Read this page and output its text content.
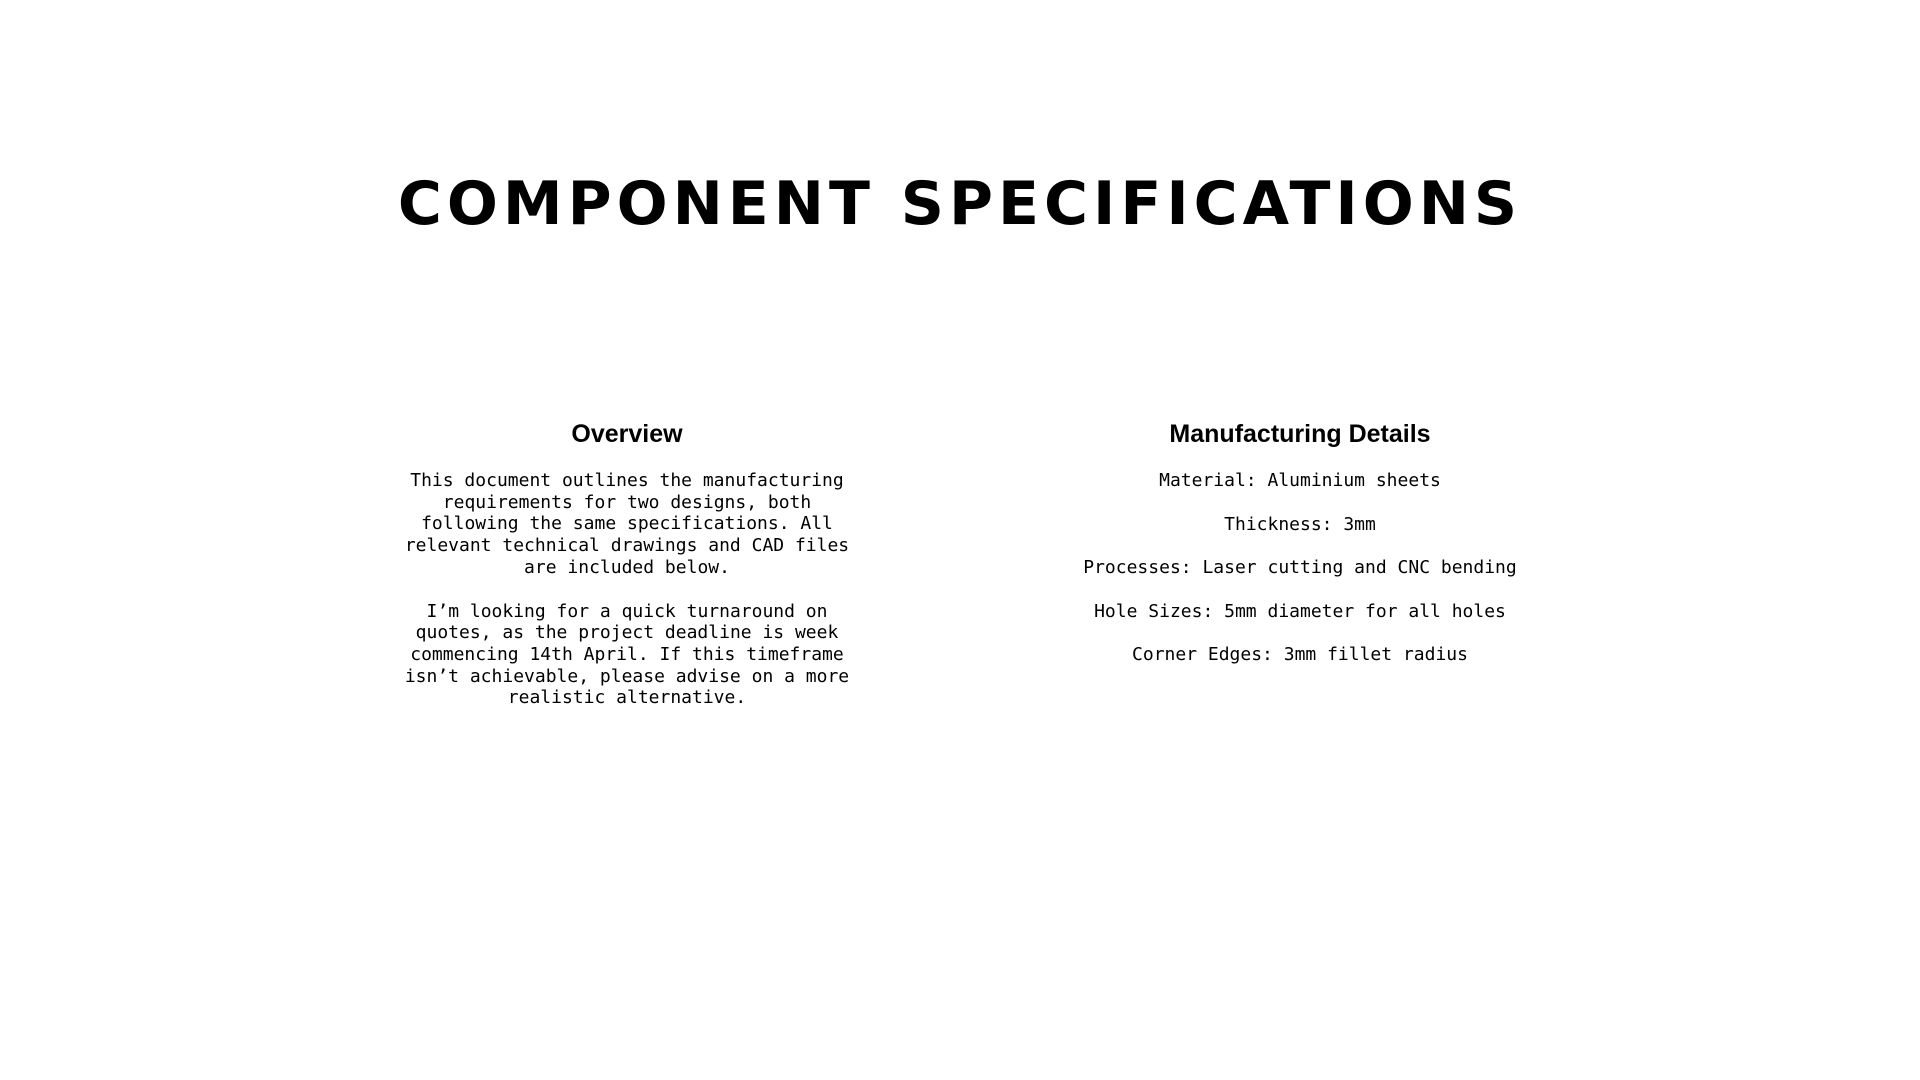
COMPONENT SPECIFICATIONS
Overview

This document outlines the manufacturing
requirements for two designs, both
following the same specifications. All
relevant technical drawings and CAD files
are included below.

I’m looking for a quick turnaround on
quotes, as the project deadline is week
commencing 14th April. If this timeframe
isn’t achievable, please advise on a more
realistic alternative.

Manufacturing Details

Material: Aluminium sheets

Thickness: 3mm

Processes: Laser cutting and CNC bending

Hole Sizes: 5mm diameter for all holes

Corner Edges: 3mm fillet radius
